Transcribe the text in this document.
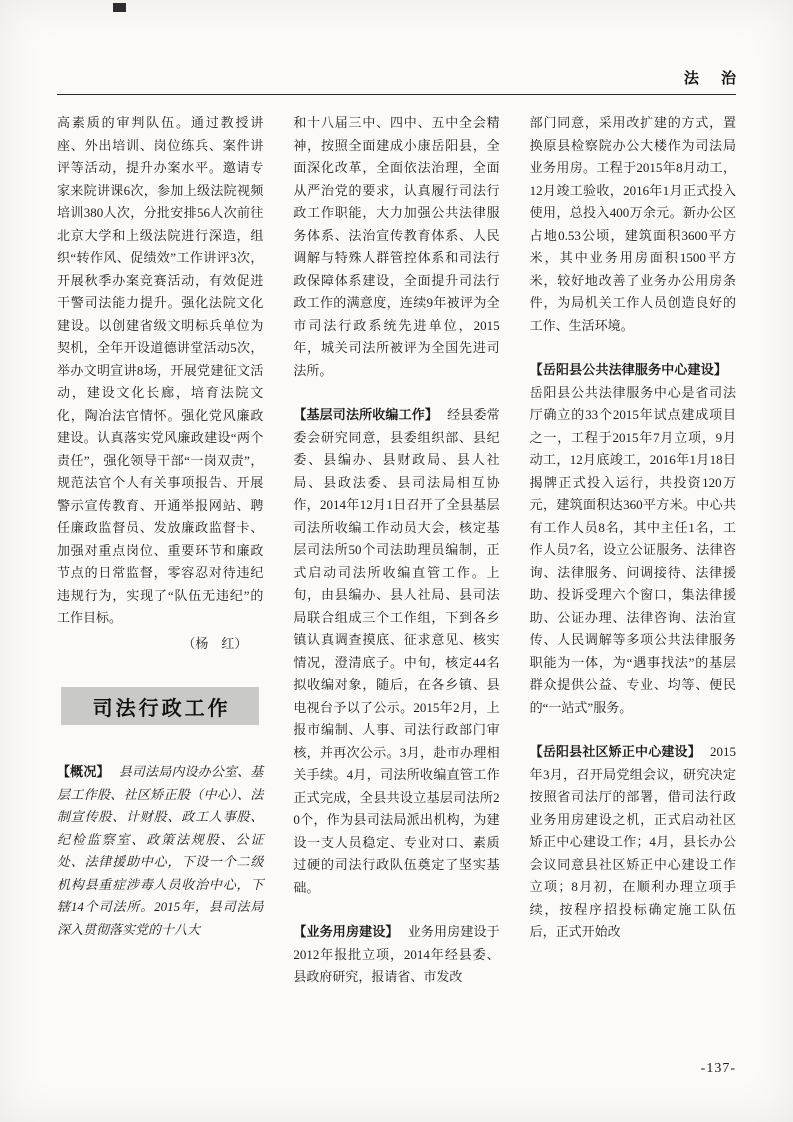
法 治

高素质的审判队伍。通过教授讲座、外出培训、岗位练兵、案件讲评等活动，提升办案水平。邀请专家来院讲课6次，参加上级法院视频培训380人次，分批安排56人次前往北京大学和上级法院进行深造，组织“转作风、促绩效”工作讲评3次，开展秋季办案竞赛活动，有效促进干警司法能力提升。强化法院文化建设。以创建省级文明标兵单位为契机，全年开设道德讲堂活动5次，举办文明宣讲8场，开展党建征文活动，建设文化长廊，培育法院文化，陶冶法官情怀。强化党风廉政建设。认真落实党风廉政建设“两个责任”，强化领导干部“一岗双责”，规范法官个人有关事项报告、开展警示宣传教育、开通举报网站、聘任廉政监督员、发放廉政监督卡、加强对重点岗位、重要环节和廉政节点的日常监督，零容忍对待违纪违规行为，实现了“队伍无违纪”的工作目标。

（杨　红）

司法行政工作

【概况】 县司法局内设办公室、基层工作股、社区矫正股（中心）、法制宣传股、计财股、政工人事股、纪检监察室、政策法规股、公证处、法律援助中心，下设一个二级机构县重症涉毒人员收治中心，下辖14个司法所。2015年，县司法局深入贯彻落实党的十八大

和十八届三中、四中、五中全会精神，按照全面建成小康岳阳县，全面深化改革，全面依法治理，全面从严治党的要求，认真履行司法行政工作职能，大力加强公共法律服务体系、法治宣传教育体系、人民调解与特殊人群管控体系和司法行政保障体系建设，全面提升司法行政工作的满意度，连续9年被评为全市司法行政系统先进单位，2015年，城关司法所被评为全国先进司法所。

【基层司法所收编工作】 经县委常委会研究同意，县委组织部、县纪委、县编办、县财政局、县人社局、县政法委、县司法局相互协作，2014年12月1日召开了全县基层司法所收编工作动员大会，核定基层司法所50个司法助理员编制，正式启动司法所收编直管工作。上旬，由县编办、县人社局、县司法局联合组成三个工作组，下到各乡镇认真调查摸底、征求意见、核实情况，澄清底子。中旬，核定44名拟收编对象，随后，在各乡镇、县电视台予以了公示。2015年2月，上报市编制、人事、司法行政部门审核，并再次公示。3月，赴市办理相关手续。4月，司法所收编直管工作正式完成，全县共设立基层司法所20个，作为县司法局派出机构，为建设一支人员稳定、专业对口、素质过硬的司法行政队伍奠定了坚实基础。

【业务用房建设】 业务用房建设于2012年报批立项，2014年经县委、县政府研究，报请省、市发改

部门同意，采用改扩建的方式，置换原县检察院办公大楼作为司法局业务用房。工程于2015年8月动工，12月竣工验收，2016年1月正式投入使用，总投入400万余元。新办公区占地0.53公顷，建筑面积3600平方米，其中业务用房面积1500平方米，较好地改善了业务办公用房条件，为局机关工作人员创造良好的工作、生活环境。

【岳阳县公共法律服务中心建设】岳阳县公共法律服务中心是省司法厅确立的33个2015年试点建成项目之一，工程于2015年7月立项，9月动工，12月底竣工，2016年1月18日揭牌正式投入运行，共投资120万元，建筑面积达360平方米。中心共有工作人员8名，其中主任1名，工作人员7名，设立公证服务、法律咨询、法律服务、问调接待、法律援助、投诉受理六个窗口，集法律援助、公证办理、法律咨询、法治宣传、人民调解等多项公共法律服务职能为一体，为“遇事找法”的基层群众提供公益、专业、均等、便民的“一站式”服务。

【岳阳县社区矫正中心建设】 2015年3月，召开局党组会议，研究决定按照省司法厅的部署，借司法行政业务用房建设之机，正式启动社区矫正中心建设工作；4月，县长办公会议同意县社区矫正中心建设工作立项；8月初，在顺利办理立项手续，按程序招投标确定施工队伍后，正式开始改

-137-
